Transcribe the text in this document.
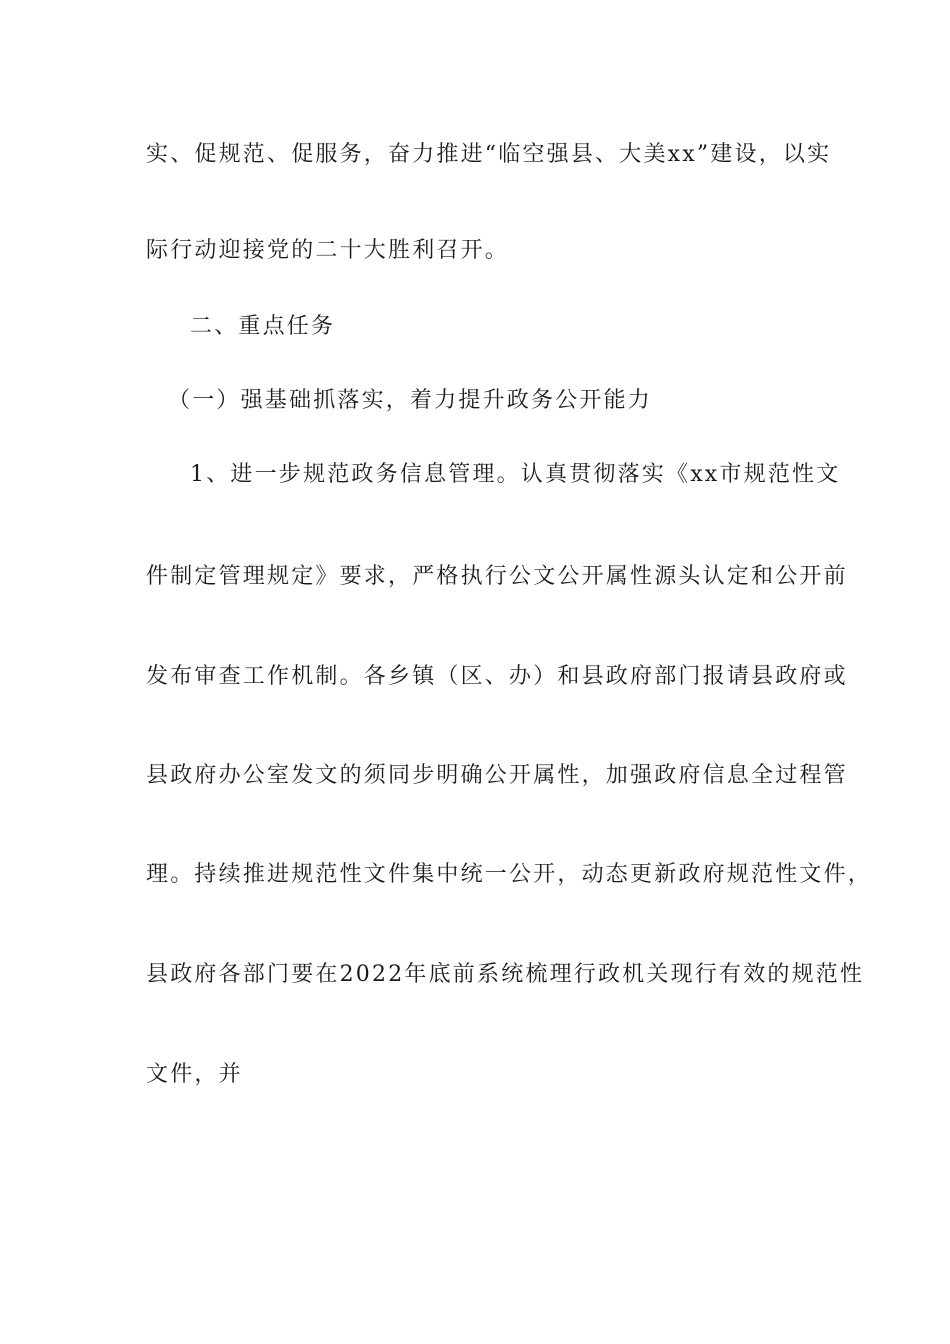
实、促规范、促服务，奋力推进“临空强县、大美xx”建设，以实
际行动迎接党的二十大胜利召开。
二、重点任务
（一）强基础抓落实，着力提升政务公开能力
1、进一步规范政务信息管理。认真贯彻落实《xx市规范性文
件制定管理规定》要求，严格执行公文公开属性源头认定和公开前
发布审查工作机制。各乡镇（区、办）和县政府部门报请县政府或
县政府办公室发文的须同步明确公开属性，加强政府信息全过程管
理。持续推进规范性文件集中统一公开，动态更新政府规范性文件，
县政府各部门要在2022年底前系统梳理行政机关现行有效的规范性
文件，并
